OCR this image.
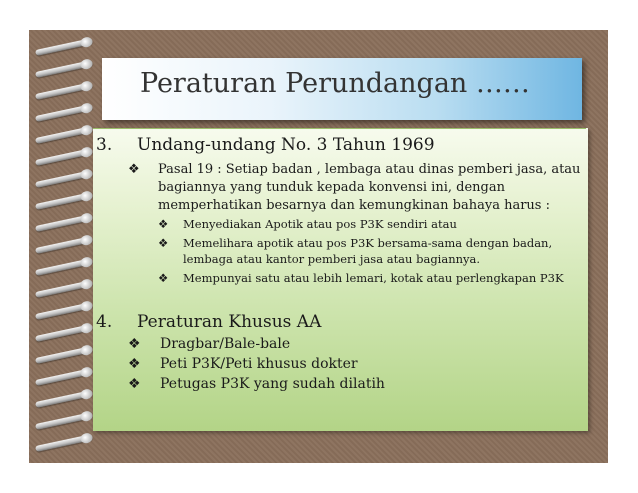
Peraturan Perundangan ……
3. Undang-undang No. 3 Tahun 1969
❖ Pasal 19 : Setiap badan , lembaga atau dinas pemberi jasa, atau
bagiannya yang tunduk kepada konvensi ini, dengan
memperhatikan besarnya dan kemungkinan bahaya harus :
❖ Menyediakan Apotik atau pos P3K sendiri atau
❖ Memelihara apotik atau pos P3K bersama-sama dengan badan,
lembaga atau kantor pemberi jasa atau bagiannya.
❖ Mempunyai satu atau lebih lemari, kotak atau perlengkapan P3K
4. Peraturan Khusus AA
❖ Dragbar/Bale-bale
❖ Peti P3K/Peti khusus dokter
❖ Petugas P3K yang sudah dilatih
